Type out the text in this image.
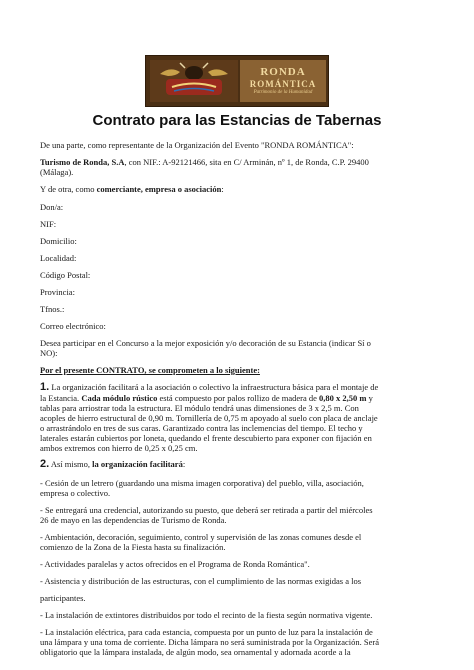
RONDA
ROMÁNTICA
Patrimonio de la Humanidad
Contrato para las Estancias de Tabernas
De una parte, como representante de la Organización del Evento "RONDA ROMÁNTICA":
Turismo de Ronda, S.A, con NIF.: A-92121466, sita en C/ Arminán, nº 1, de Ronda, C.P. 29400
(Málaga).
Y de otra, como comerciante, empresa o asociación:
Don/a:
NIF:
Domicilio:
Localidad:
Código Postal:
Provincia:
Tfnos.:
Correo electrónico:
Desea participar en el Concurso a la mejor exposición y/o decoración de su Estancia (indicar Sí o
NO):
Por el presente CONTRATO, se comprometen a lo siguiente:
1. La organización facilitará a la asociación o colectivo la infraestructura básica para el montaje de
la Estancia. Cada módulo rústico está compuesto por palos rollizo de madera de 0,80 x 2,50 m y
tablas para arriostrar toda la estructura. El módulo tendrá unas dimensiones de 3 x 2,5 m. Con
acoples de hierro estructural de 0,90 m. Tornillería de 0,75 m apoyado al suelo con placa de anclaje
o arrastrándolo en tres de sus caras. Garantizado contra las inclemencias del tiempo. El techo y
laterales estarán cubiertos por loneta, quedando el frente descubierto para exponer con fijación en
ambos extremos con hierro de 0,25 x 0,25 cm.
2. Así mismo, la organización facilitará:
- Cesión de un letrero (guardando una misma imagen corporativa) del pueblo, villa, asociación,
empresa o colectivo.
- Se entregará una credencial, autorizando su puesto, que deberá ser retirada a partir del miércoles
26 de mayo en las dependencias de Turismo de Ronda.
- Ambientación, decoración, seguimiento, control y supervisión de las zonas comunes desde el
comienzo de la Zona de la Fiesta hasta su finalización.
- Actividades paralelas y actos ofrecidos en el Programa de Ronda Romántica".
- Asistencia y distribución de las estructuras, con el cumplimiento de las normas exigidas a los
participantes.
- La instalación de extintores distribuidos por todo el recinto de la fiesta según normativa vigente.
- La instalación eléctrica, para cada estancia, compuesta por un punto de luz para la instalación de
una lámpara y una toma de corriente. Dicha lámpara no será suministrada por la Organización. Será
obligatorio que la lámpara instalada, de algún modo, sea ornamental y adornada acorde a la
